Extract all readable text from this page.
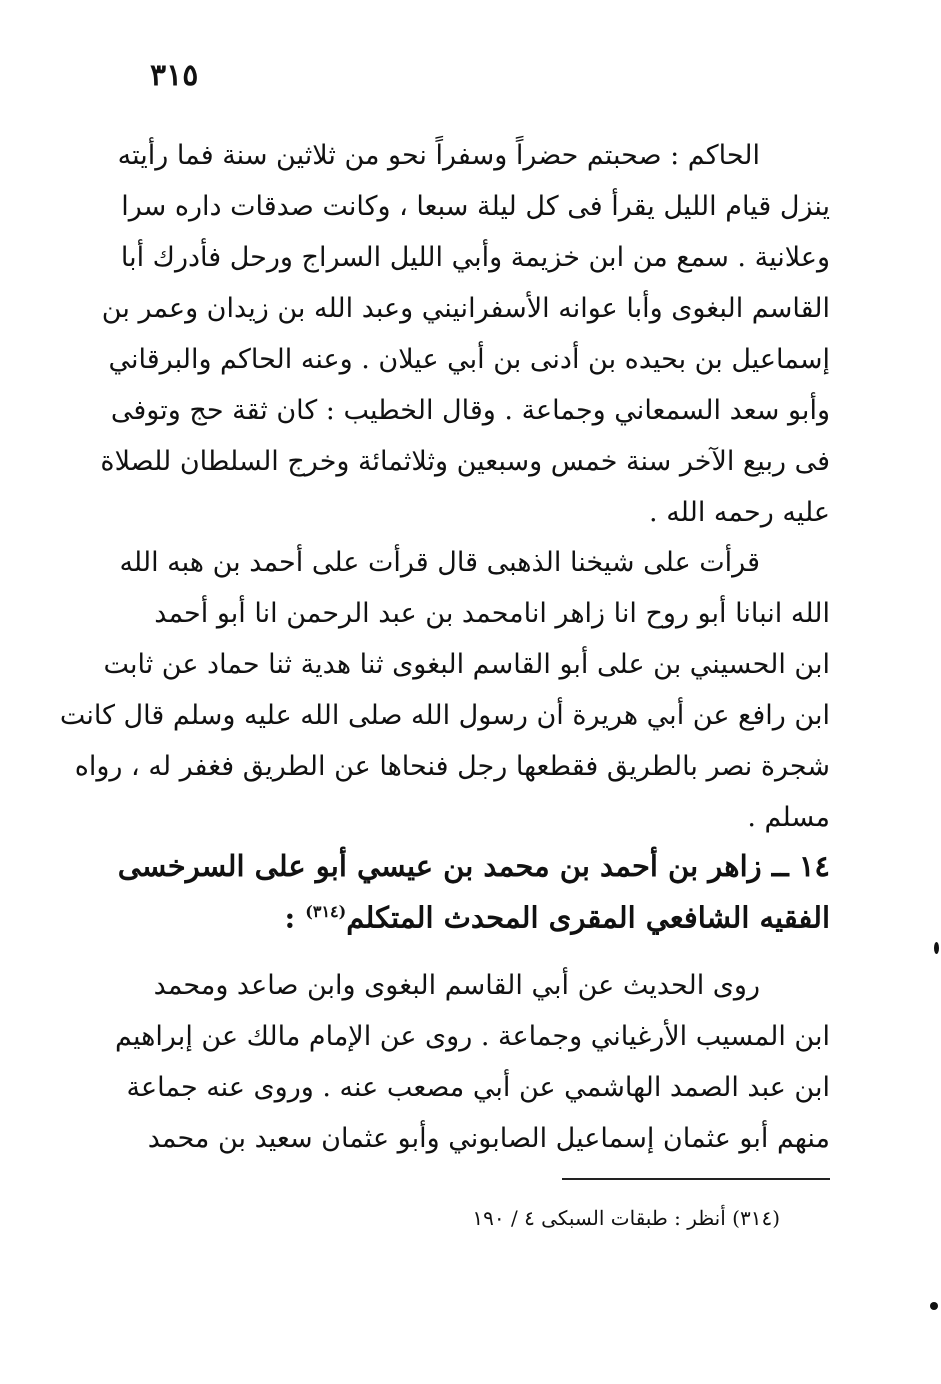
٣١٥
الحاكم : صحبتم حضراً وسفراً نحو من ثلاثين سنة فما رأيته
ينزل قيام الليل يقرأ فى كل ليلة سبعا ، وكانت صدقات داره سرا
وعلانية . سمع من ابن خزيمة وأبي الليل السراج ورحل فأدرك أبا
القاسم البغوى وأبا عوانه الأسفرانيني وعبد الله بن زيدان وعمر بن
إسماعيل بن بحيده بن أدنى بن أبي عيلان . وعنه الحاكم والبرقاني
وأبو سعد السمعاني وجماعة . وقال الخطيب : كان ثقة حج وتوفى
فى ربيع الآخر سنة خمس وسبعين وثلاثمائة وخرج السلطان للصلاة
عليه رحمه الله .
قرأت على شيخنا الذهبى قال قرأت على أحمد بن هبه الله
الله انبانا أبو روح انا زاهر انامحمد بن عبد الرحمن انا أبو أحمد
ابن الحسيني بن على أبو القاسم البغوى ثنا هدية ثنا حماد عن ثابت
ابن رافع عن أبي هريرة أن رسول الله صلى الله عليه وسلم قال كانت
شجرة نصر بالطريق فقطعها رجل فنحاها عن الطريق فغفر له ، رواه
مسلم .
١٤ ــ زاهر بن أحمد بن محمد بن عيسي أبو على السرخسى
الفقيه الشافعي المقرى المحدث المتكلم$^{(٣١٤)}$ :
روى الحديث عن أبي القاسم البغوى وابن صاعد ومحمد
ابن المسيب الأرغياني وجماعة . روى عن الإمام مالك عن إبراهيم
ابن عبد الصمد الهاشمي عن أبي مصعب عنه . وروى عنه جماعة
منهم أبو عثمان إسماعيل الصابوني وأبو عثمان سعيد بن محمد
(٣١٤) أنظر : طبقات السبكى ٤ / ١٩٠
